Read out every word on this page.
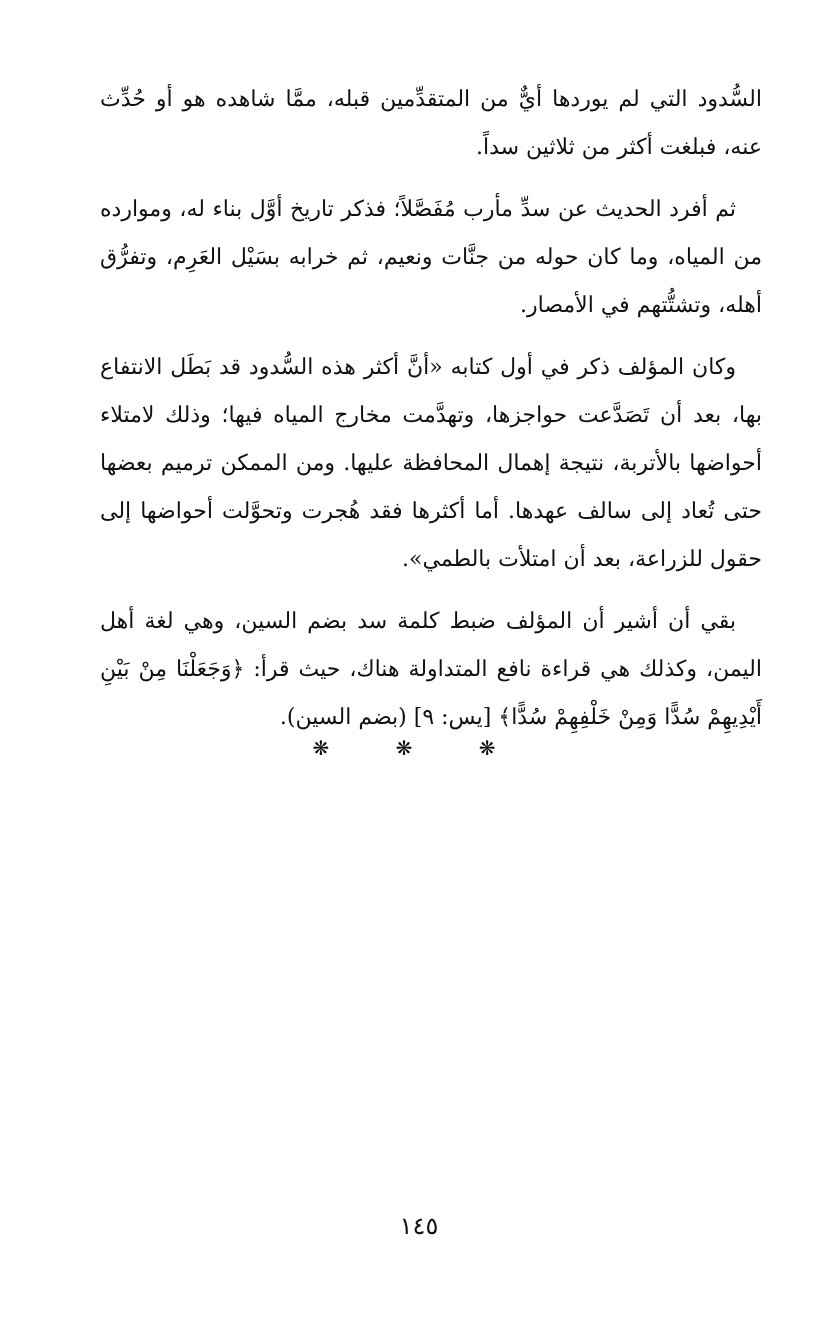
السُّدود التي لم يوردها أيٌّ من المتقدِّمين قبله، ممَّا شاهده هو أو حُدِّث عنه، فبلغت أكثر من ثلاثين سداً.

ثم أفرد الحديث عن سدِّ مأرب مُفَصَّلاً؛ فذكر تاريخ أوَّل بناء له، وموارده من المياه، وما كان حوله من جنَّات ونعيم، ثم خرابه بسَيْل العَرِم، وتفرُّق أهله، وتشتُّتهم في الأمصار.

وكان المؤلف ذكر في أول كتابه «أنَّ أكثر هذه السُّدود قد بَطَل الانتفاع بها، بعد أن تَصَدَّعت حواجزها، وتهدَّمت مخارج المياه فيها؛ وذلك لامتلاء أحواضها بالأتربة، نتيجة إهمال المحافظة عليها. ومن الممكن ترميم بعضها حتى تُعاد إلى سالف عهدها. أما أكثرها فقد هُجرت وتحوَّلت أحواضها إلى حقول للزراعة، بعد أن امتلأت بالطمي».

بقي أن أشير أن المؤلف ضبط كلمة سد بضم السين، وهي لغة أهل اليمن، وكذلك هي قراءة نافع المتداولة هناك، حيث قرأ: ﴿وَجَعَلْنَا مِنْ بَيْنِ أَيْدِيهِمْ سُدًّا وَمِنْ خَلْفِهِمْ سُدًّا﴾ [يس: ٩] (بضم السين).

❋ ❋ ❋
١٤٥
